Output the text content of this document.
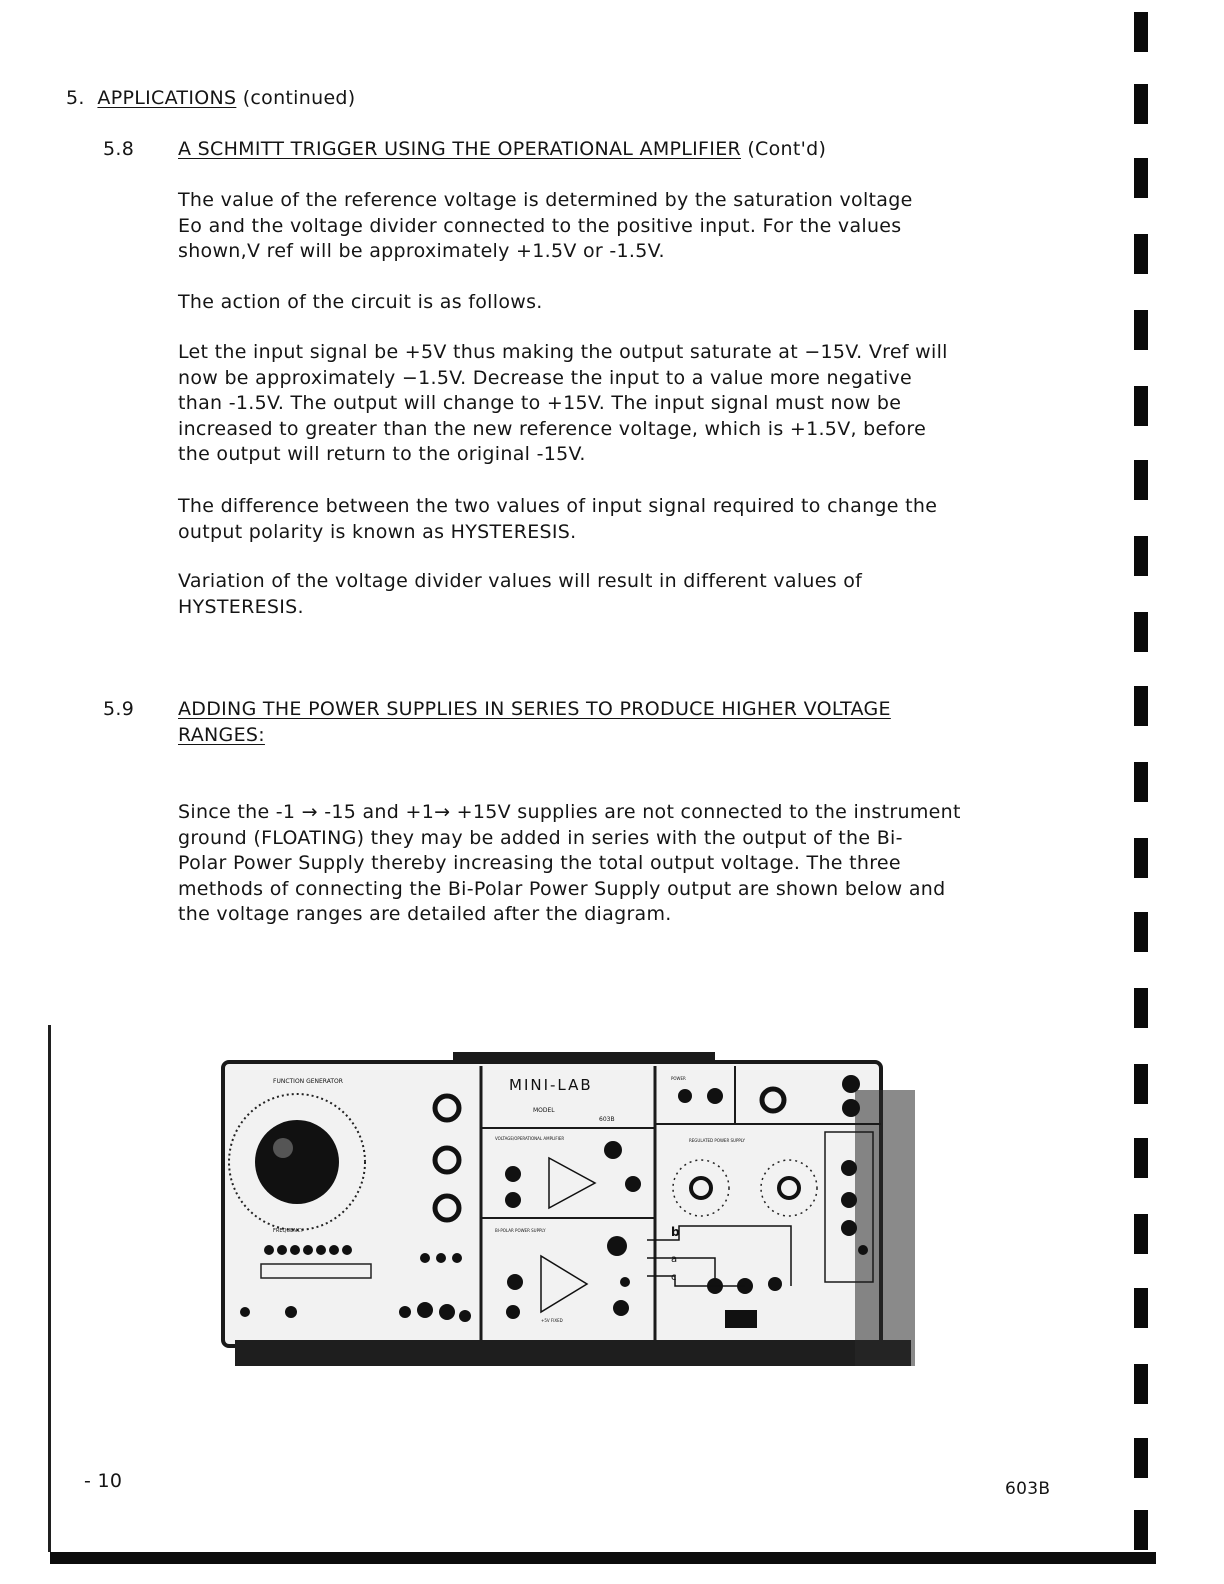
5. APPLICATIONS (continued)
5.8 A SCHMITT TRIGGER USING THE OPERATIONAL AMPLIFIER (Cont'd)
The value of the reference voltage is determined by the saturation voltage
Eo and the voltage divider connected to the positive input. For the values
shown,V ref will be approximately +1.5V or -1.5V.
The action of the circuit is as follows.
Let the input signal be +5V thus making the output saturate at −15V. Vref will
now be approximately −1.5V. Decrease the input to a value more negative
than -1.5V. The output will change to +15V. The input signal must now be
increased to greater than the new reference voltage, which is +1.5V, before
the output will return to the original -15V.
The difference between the two values of input signal required to change the
output polarity is known as HYSTERESIS.
Variation of the voltage divider values will result in different values of
HYSTERESIS.
5.9 ADDING THE POWER SUPPLIES IN SERIES TO PRODUCE HIGHER VOLTAGE
RANGES:
Since the -1 → -15 and +1→ +15V supplies are not connected to the instrument
ground (FLOATING) they may be added in series with the output of the Bi-
Polar Power Supply thereby increasing the total output voltage. The three
methods of connecting the Bi-Polar Power Supply output are shown below and
the voltage ranges are detailed after the diagram.
FUNCTION GENERATOR
FREQUENCY
MINI-LAB
MODEL
603B
VOLTAGE/OPERATIONAL AMPLIFIER
BI-POLAR POWER SUPPLY
+5V FIXED
POWER
REGULATED POWER SUPPLY
b
a
c
- 10	603B
